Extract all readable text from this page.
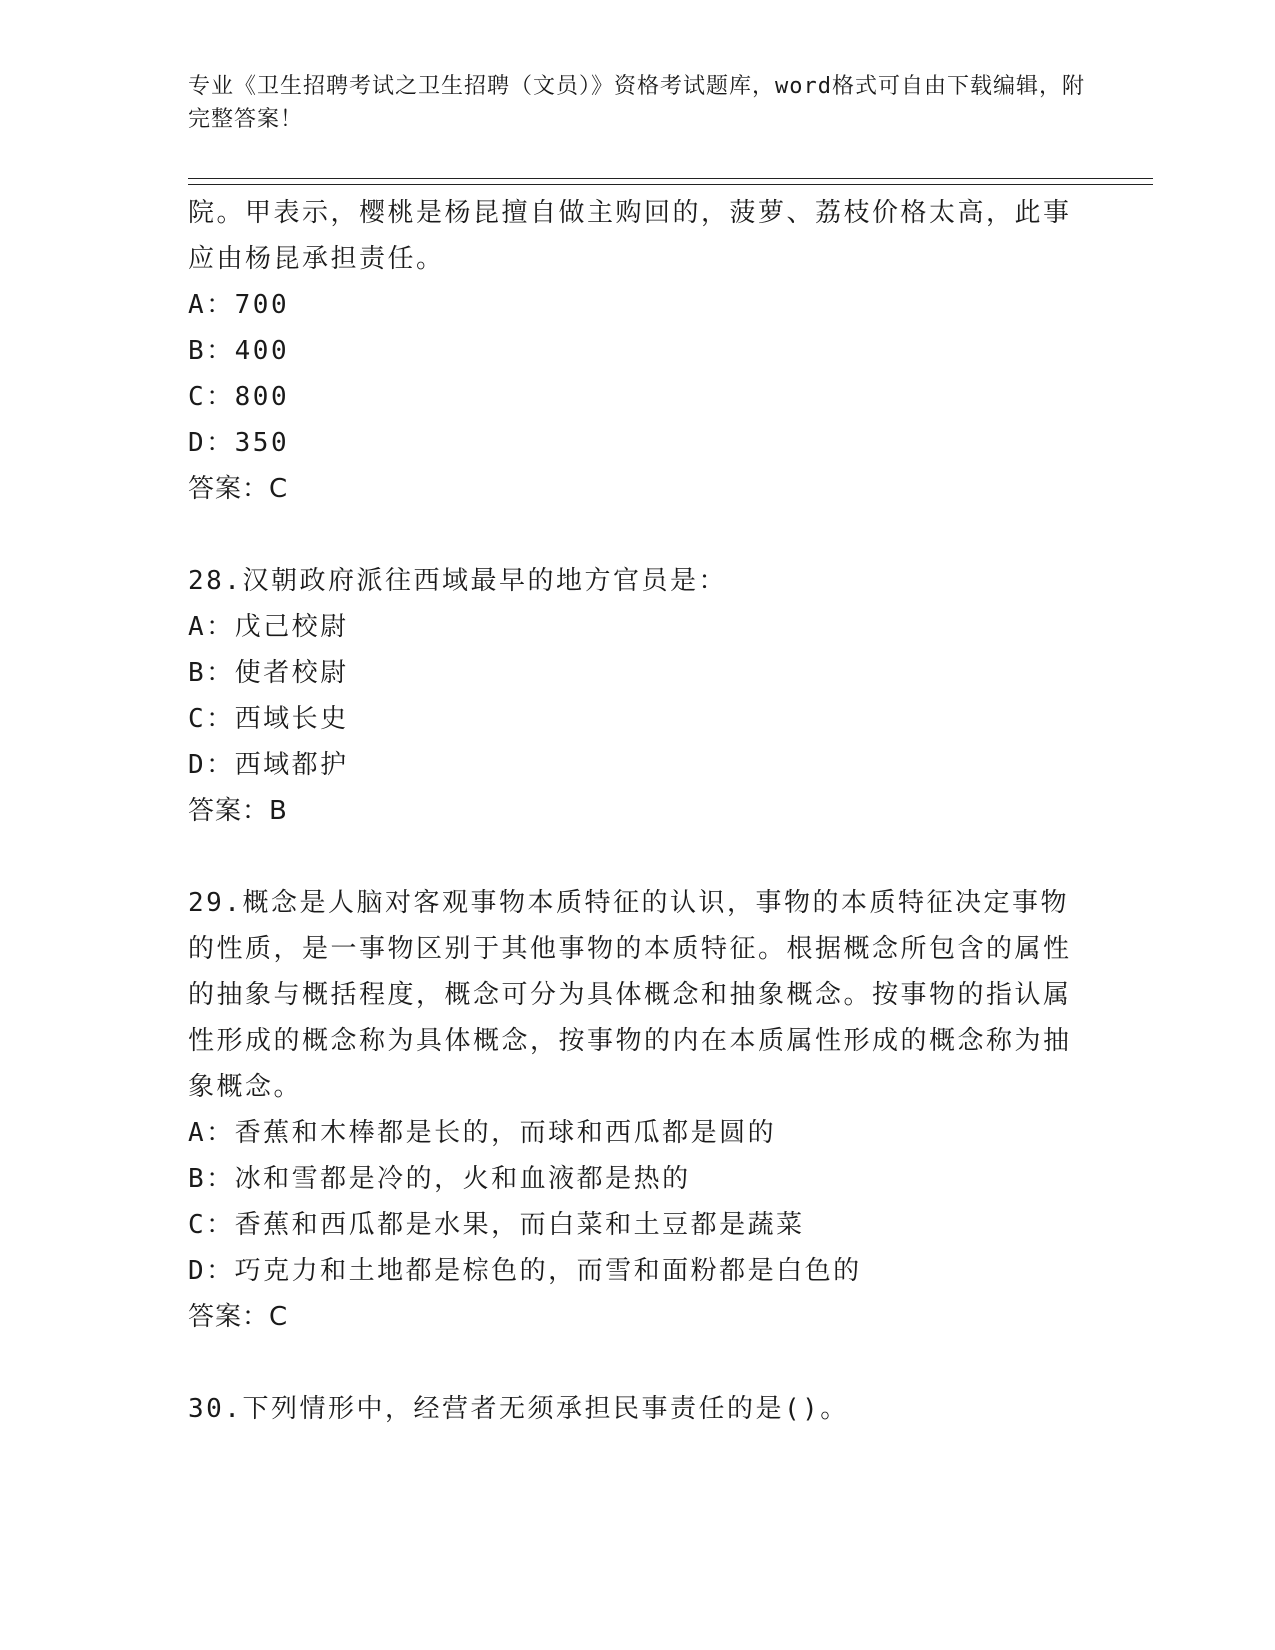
专业《卫生招聘考试之卫生招聘（文员）》资格考试题库，word格式可自由下载编辑，附完整答案！
院。甲表示，樱桃是杨昆擅自做主购回的，菠萝、荔枝价格太高，此事应由杨昆承担责任。
A：700
B：400
C：800
D：350
答案：C
28.汉朝政府派往西域最早的地方官员是：
A：戊己校尉
B：使者校尉
C：西域长史
D：西域都护
答案：B
29.概念是人脑对客观事物本质特征的认识，事物的本质特征决定事物的性质，是一事物区别于其他事物的本质特征。根据概念所包含的属性的抽象与概括程度，概念可分为具体概念和抽象概念。按事物的指认属性形成的概念称为具体概念，按事物的内在本质属性形成的概念称为抽象概念。
A：香蕉和木棒都是长的，而球和西瓜都是圆的
B：冰和雪都是冷的，火和血液都是热的
C：香蕉和西瓜都是水果，而白菜和土豆都是蔬菜
D：巧克力和土地都是棕色的，而雪和面粉都是白色的
答案：C
30.下列情形中，经营者无须承担民事责任的是()。
